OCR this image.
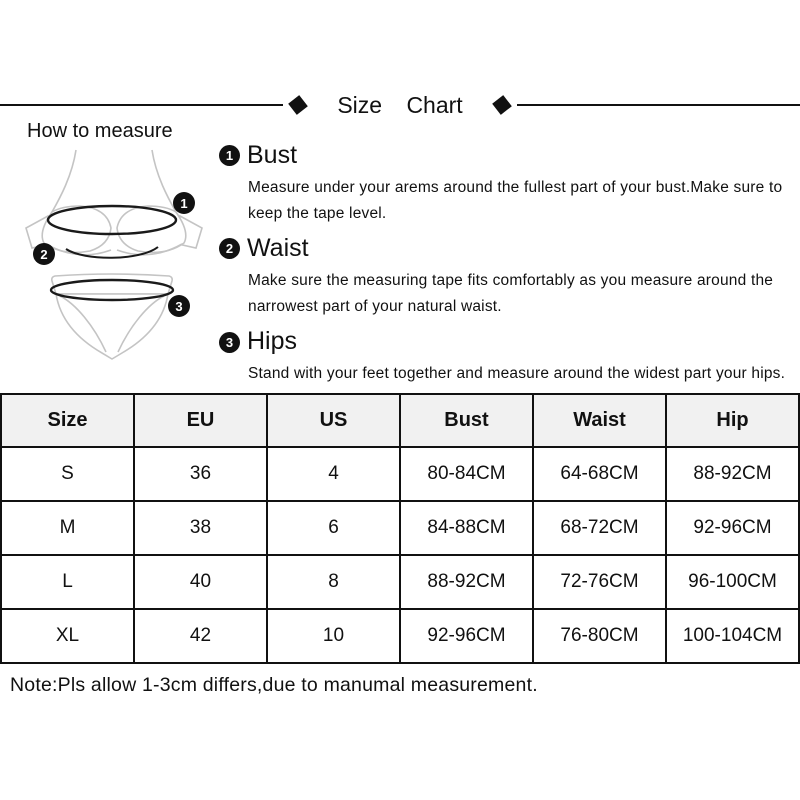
Size Chart
How to measure
1
2
3
1 Bust
Measure under your arems around the fullest part of your bust.Make sure to keep the tape level.
2 Waist
Make sure the measuring tape fits comfortably as you measure around the narrowest part of your natural waist.
3 Hips
Stand with your feet together and measure around the widest part your hips.
Size	EU	US	Bust	Waist	Hip
S	36	4	80-84CM	64-68CM	88-92CM
M	38	6	84-88CM	68-72CM	92-96CM
L	40	8	88-92CM	72-76CM	96-100CM
XL	42	10	92-96CM	76-80CM	100-104CM
Note:Pls allow 1-3cm differs,due to manumal measurement.
